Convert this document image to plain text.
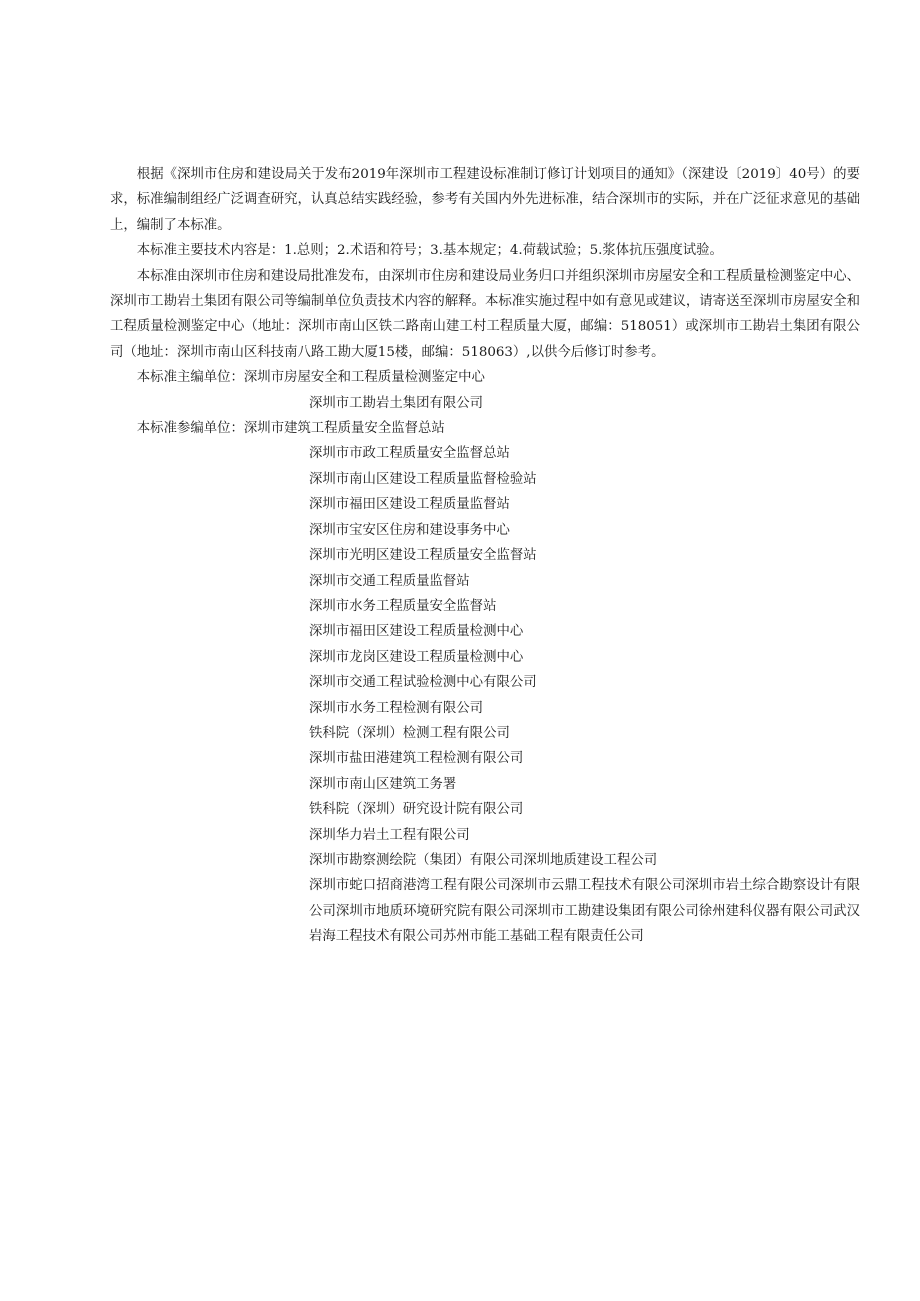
根据《深圳市住房和建设局关于发布2019年深圳市工程建设标准制订修订计划项目的通知》（深建设〔2019〕40号）的要求，标准编制组经广泛调查研究，认真总结实践经验，参考有关国内外先进标准，结合深圳市的实际，并在广泛征求意见的基础上，编制了本标准。

本标准主要技术内容是：1.总则；2.术语和符号；3.基本规定；4.荷载试验；5.浆体抗压强度试验。

本标准由深圳市住房和建设局批准发布，由深圳市住房和建设局业务归口并组织深圳市房屋安全和工程质量检测鉴定中心、深圳市工勘岩土集团有限公司等编制单位负责技术内容的解释。本标准实施过程中如有意见或建议，请寄送至深圳市房屋安全和工程质量检测鉴定中心（地址：深圳市南山区铁二路南山建工村工程质量大厦，邮编：518051）或深圳市工勘岩土集团有限公司（地址：深圳市南山区科技南八路工勘大厦15楼，邮编：518063）,以供今后修订时参考。

本标准主编单位：深圳市房屋安全和工程质量检测鉴定中心
深圳市工勘岩土集团有限公司
本标准参编单位：深圳市建筑工程质量安全监督总站
深圳市市政工程质量安全监督总站
深圳市南山区建设工程质量监督检验站
深圳市福田区建设工程质量监督站
深圳市宝安区住房和建设事务中心
深圳市光明区建设工程质量安全监督站
深圳市交通工程质量监督站
深圳市水务工程质量安全监督站
深圳市福田区建设工程质量检测中心
深圳市龙岗区建设工程质量检测中心
深圳市交通工程试验检测中心有限公司
深圳市水务工程检测有限公司
铁科院（深圳）检测工程有限公司
深圳市盐田港建筑工程检测有限公司
深圳市南山区建筑工务署
铁科院（深圳）研究设计院有限公司
深圳华力岩土工程有限公司
深圳市勘察测绘院（集团）有限公司深圳地质建设工程公司
深圳市蛇口招商港湾工程有限公司深圳市云鼎工程技术有限公司深圳市岩土综合勘察设计有限公司深圳市地质环境研究院有限公司深圳市工勘建设集团有限公司徐州建科仪器有限公司武汉岩海工程技术有限公司苏州市能工基础工程有限责任公司
